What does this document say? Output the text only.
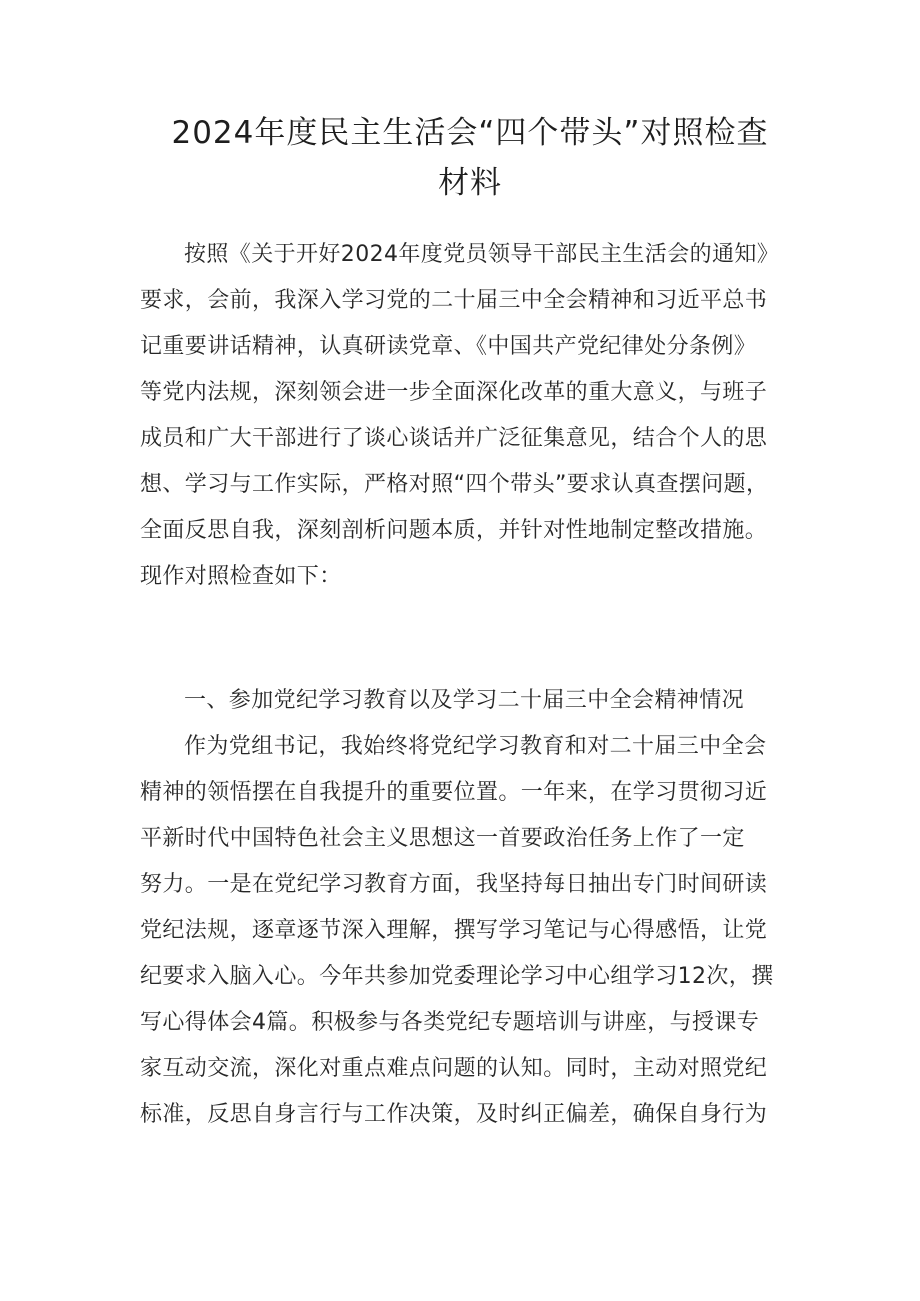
2024年度民主生活会“四个带头”对照检查
材料
按照《关于开好2024年度党员领导干部民主生活会的通知》
要求，会前，我深入学习党的二十届三中全会精神和习近平总书
记重要讲话精神，认真研读党章、《中国共产党纪律处分条例》
等党内法规，深刻领会进一步全面深化改革的重大意义，与班子
成员和广大干部进行了谈心谈话并广泛征集意见，结合个人的思
想、学习与工作实际，严格对照“四个带头”要求认真查摆问题，
全面反思自我，深刻剖析问题本质，并针对性地制定整改措施。
现作对照检查如下：
一、参加党纪学习教育以及学习二十届三中全会精神情况
作为党组书记，我始终将党纪学习教育和对二十届三中全会
精神的领悟摆在自我提升的重要位置。一年来，在学习贯彻习近
平新时代中国特色社会主义思想这一首要政治任务上作了一定
努力。一是在党纪学习教育方面，我坚持每日抽出专门时间研读
党纪法规，逐章逐节深入理解，撰写学习笔记与心得感悟，让党
纪要求入脑入心。今年共参加党委理论学习中心组学习12次，撰
写心得体会4篇。积极参与各类党纪专题培训与讲座，与授课专
家互动交流，深化对重点难点问题的认知。同时，主动对照党纪
标准，反思自身言行与工作决策，及时纠正偏差，确保自身行为
